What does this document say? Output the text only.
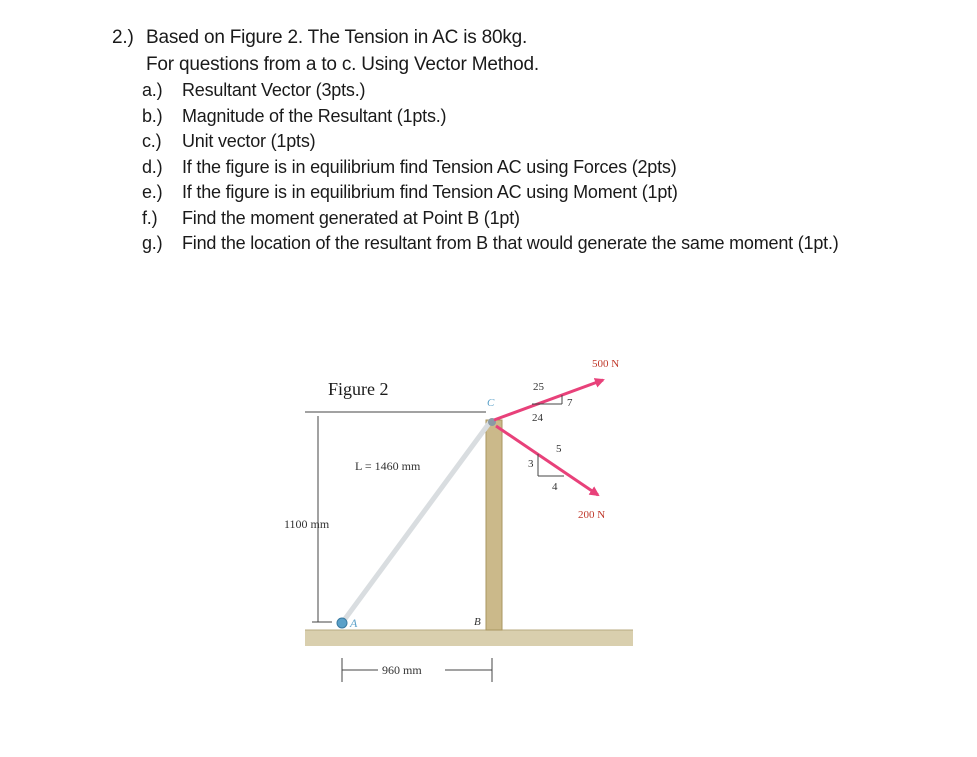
2.) Based on Figure 2. The Tension in AC is 80kg.
For questions from a to c. Using Vector Method.
a.)	Resultant Vector (3pts.)
b.)	Magnitude of the Resultant (1pts.)
c.)	Unit vector (1pts)
d.)	If the figure is in equilibrium find Tension AC using Forces (2pts)
e.)	If the figure is in equilibrium find Tension AC using Moment (1pt)
f.)	Find the moment generated at Point B (1pt)
g.)	Find the location of the resultant from B that would generate the same moment (1pt.)
Figure 2
L = 1460 mm
1100 mm
960 mm
A	B
C
500 N
200 N
25
24
7
5
3
4
